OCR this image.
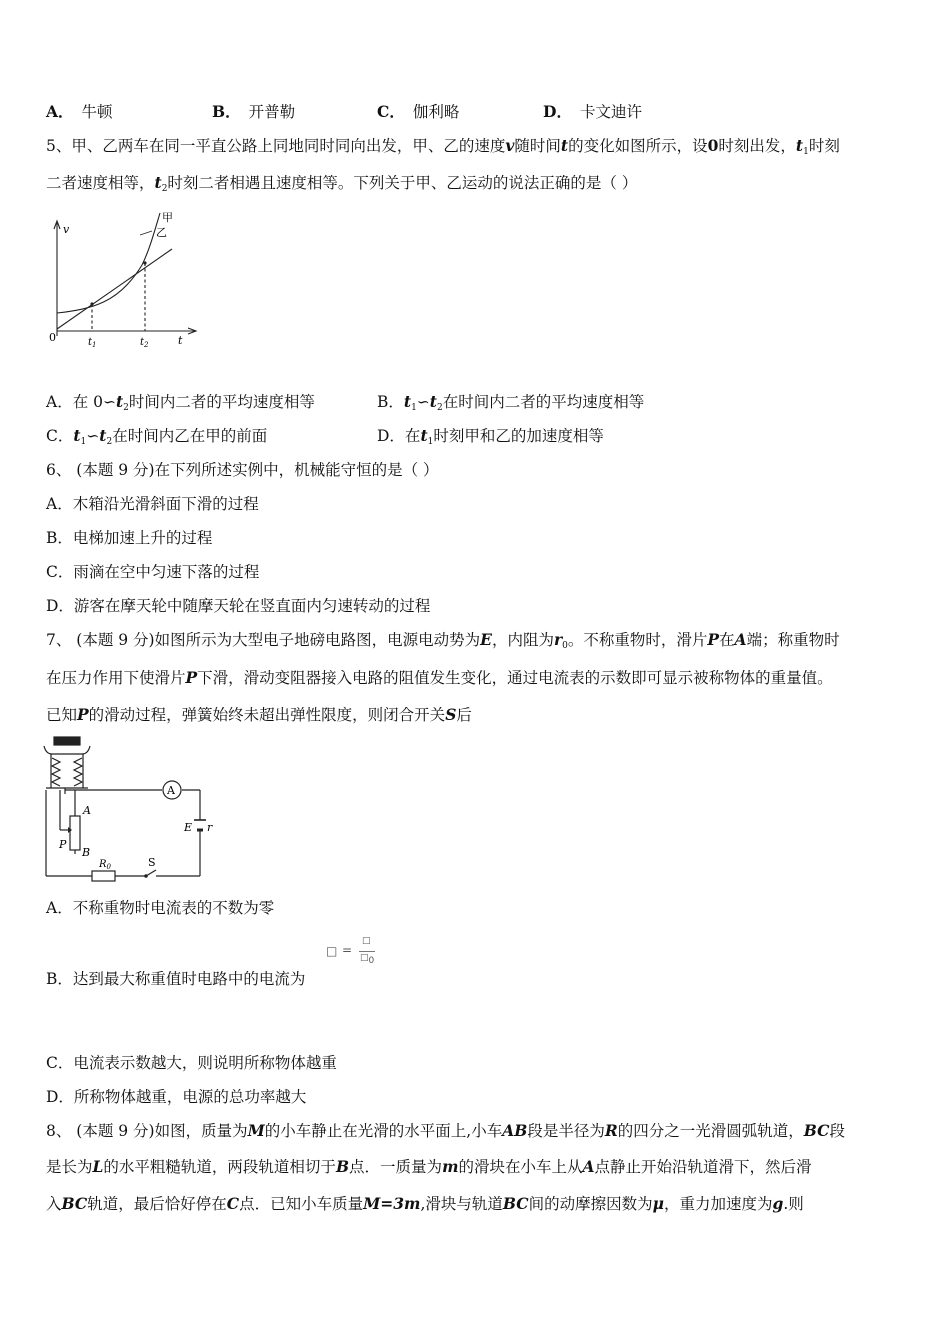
A． 牛顿	B． 开普勒	C． 伽利略	D． 卡文迪许
5、甲、乙两车在同一平直公路上同地同时同向出发，甲、乙的速度v随时间t的变化如图所示，设0时刻出发，$t_1$时刻
二者速度相等，$t_2$时刻二者相遇且速度相等。下列关于甲、乙运动的说法正确的是（ ）
v
0	t
甲
乙
$t_1$	$t_2$
A．在 $0∽t_2$时间内二者的平均速度相等	B．$t_1∽t_2$在时间内二者的平均速度相等
C．$t_1∽t_2$在时间内乙在甲的前面	D．在$t_1$时刻甲和乙的加速度相等
6、 (本题 9 分)在下列所述实例中，机械能守恒的是（ ）
A．木箱沿光滑斜面下滑的过程
B．电梯加速上升的过程
C．雨滴在空中匀速下落的过程
D．游客在摩天轮中随摩天轮在竖直面内匀速转动的过程
7、 (本题 9 分)如图所示为大型电子地磅电路图，电源电动势为E，内阻为$r_0$。不称重物时，滑片P在A端；称重物时
在压力作用下使滑片P下滑，滑动变阻器接入电路的阻值发生变化，通过电流表的示数即可显示被称物体的重量值。
已知P的滑动过程，弹簧始终未超出弹性限度，则闭合开关S后
A
A
B
P
E r
$R_0$	S
A．不称重物时电流表的不数为零
□ =
□
$□_0$
B．达到最大称重值时电路中的电流为
C．电流表示数越大，则说明所称物体越重
D．所称物体越重，电源的总功率越大
8、 (本题 9 分)如图，质量为M的小车静止在光滑的水平面上,小车AB段是半径为R的四分之一光滑圆弧轨道，BC段
是长为L的水平粗糙轨道，两段轨道相切于B点．一质量为m的滑块在小车上从A点静止开始沿轨道滑下，然后滑
入BC轨道，最后恰好停在C点．已知小车质量M=3m,滑块与轨道BC间的动摩擦因数为μ，重力加速度为g.则
